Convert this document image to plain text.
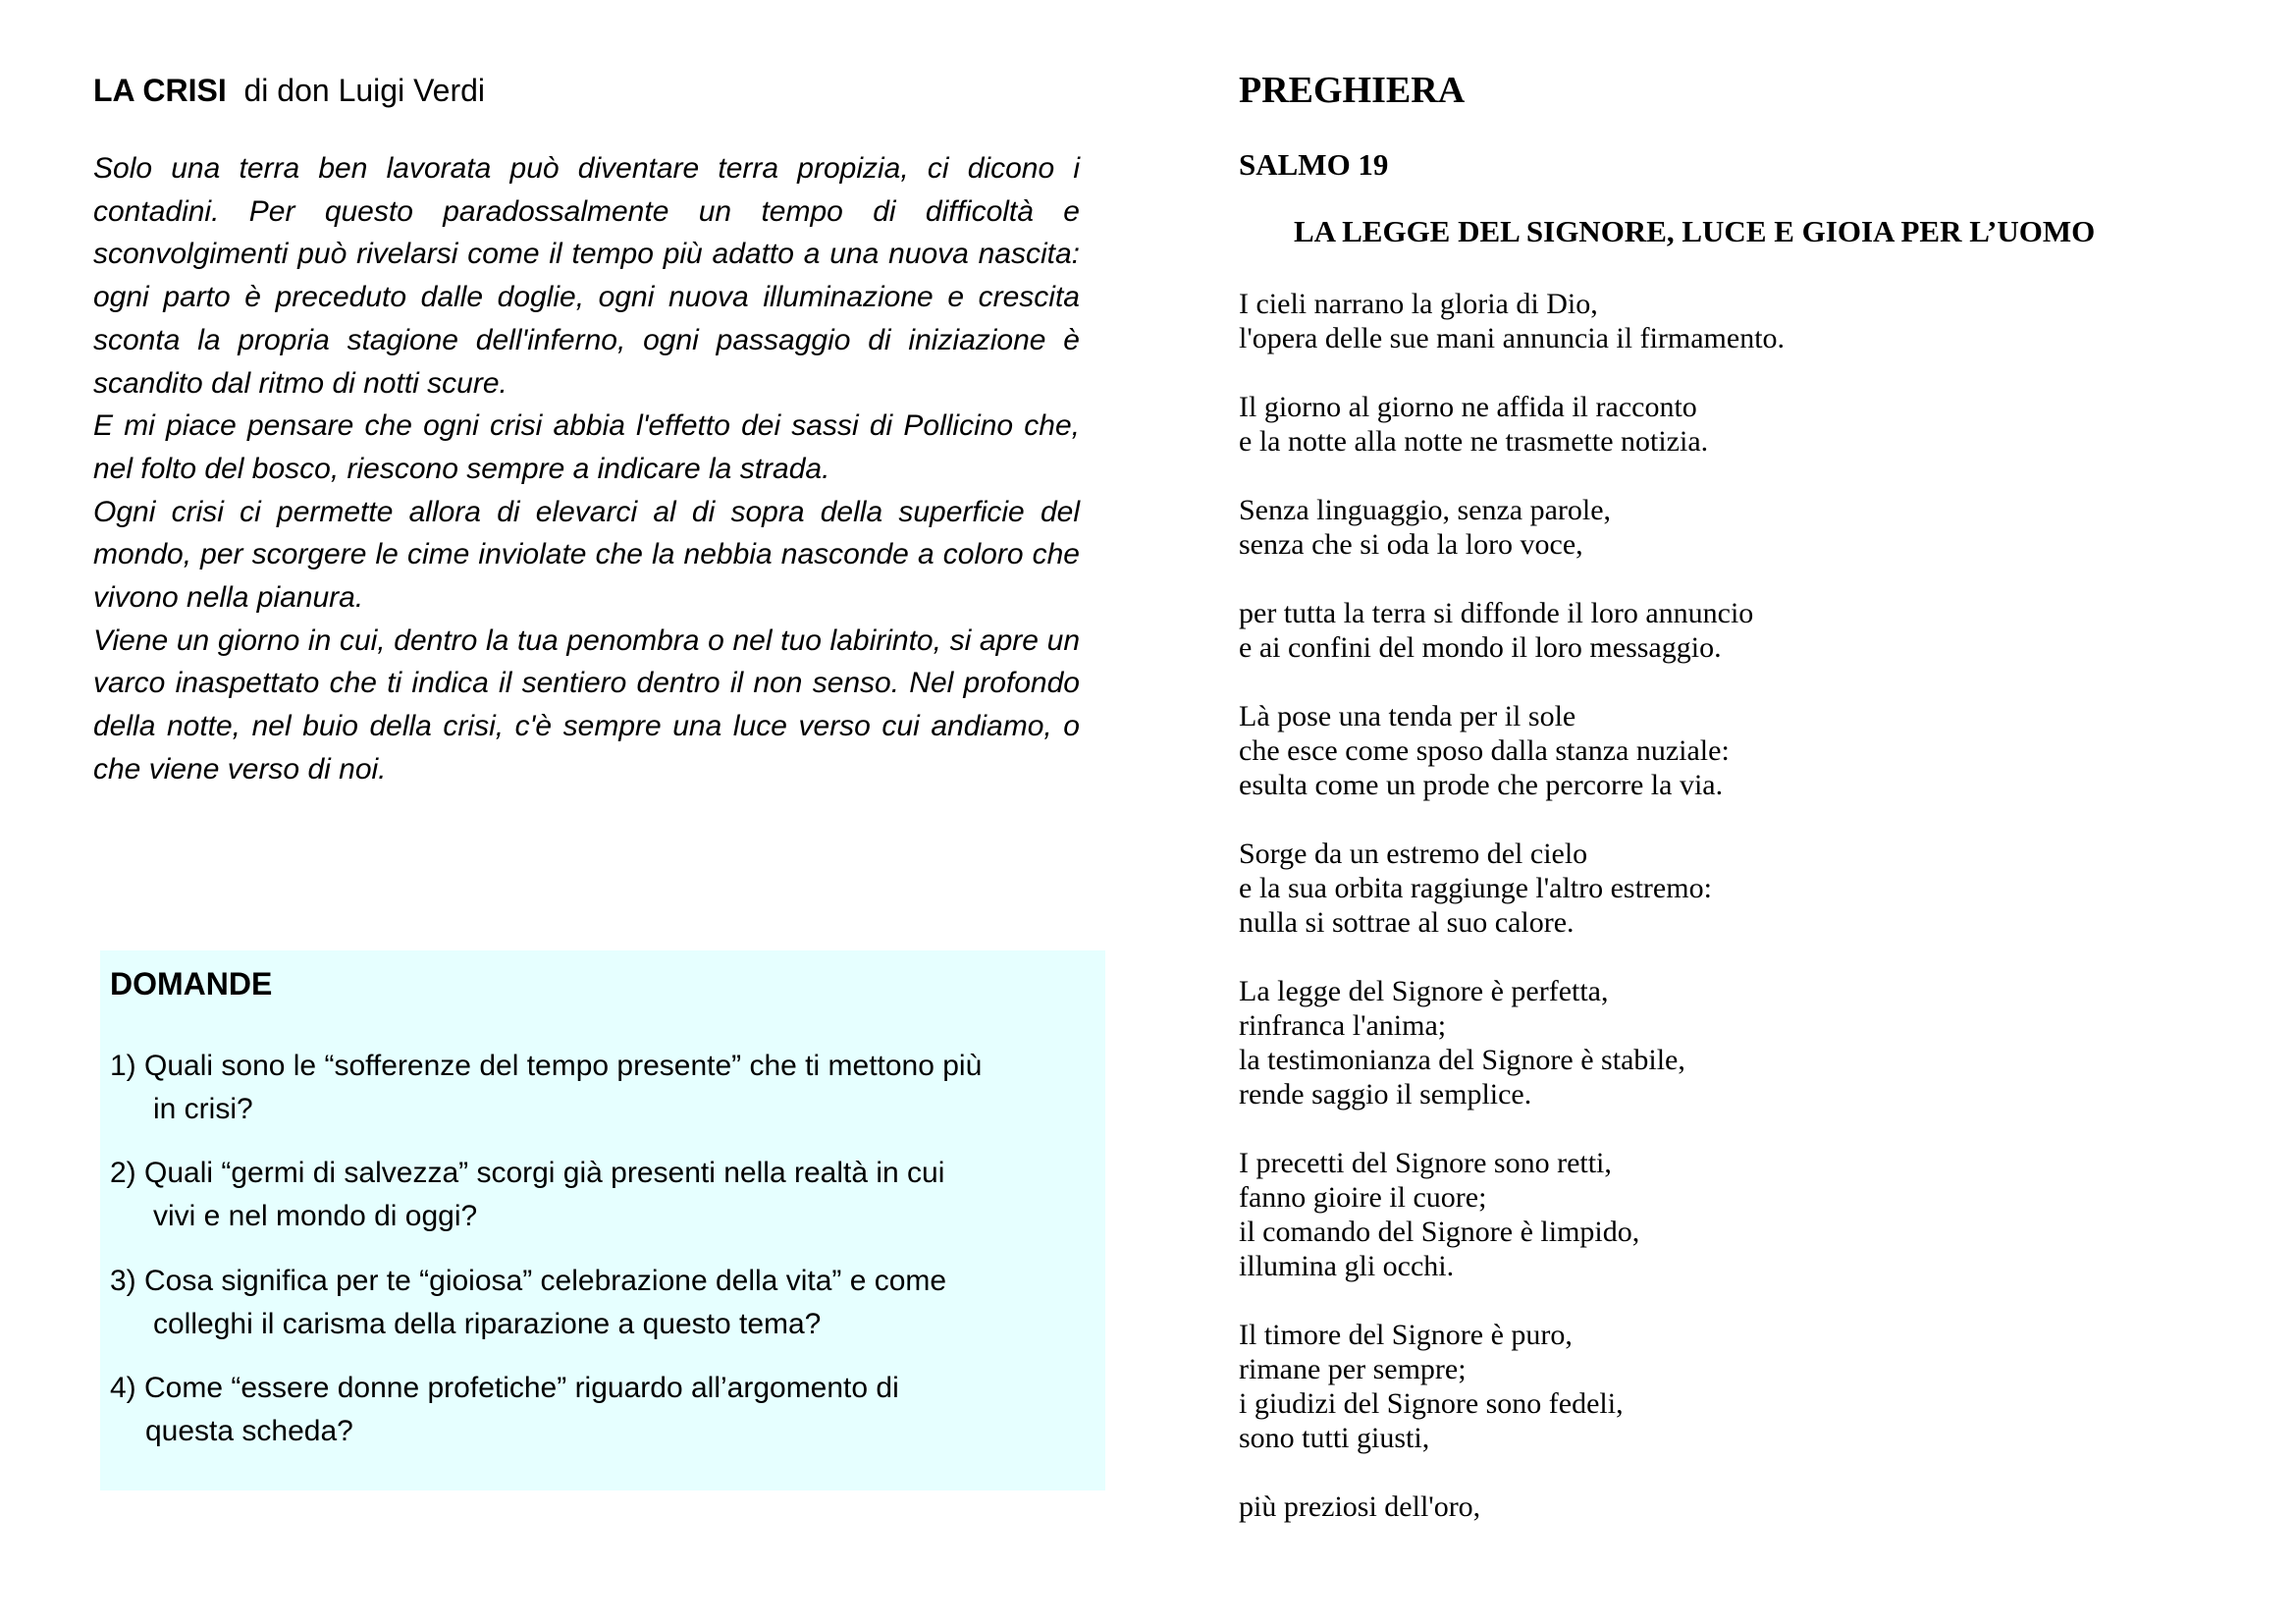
LA CRISI di don Luigi Verdi

Solo una terra ben lavorata può diventare terra propizia, ci dicono i contadini. Per questo paradossalmente un tempo di difficoltà e sconvolgimenti può rivelarsi come il tempo più adatto a una nuova nascita: ogni parto è preceduto dalle doglie, ogni nuova illuminazione e crescita sconta la propria stagione dell'inferno, ogni passaggio di iniziazione è scandito dal ritmo di notti scure.

E mi piace pensare che ogni crisi abbia l'effetto dei sassi di Pollicino che, nel folto del bosco, riescono sempre a indicare la strada.

Ogni crisi ci permette allora di elevarci al di sopra della superficie del mondo, per scorgere le cime inviolate che la nebbia nasconde a coloro che vivono nella pianura.

Viene un giorno in cui, dentro la tua penombra o nel tuo labirinto, si apre un varco inaspettato che ti indica il sentiero dentro il non senso. Nel profondo della notte, nel buio della crisi, c'è sempre una luce verso cui andiamo, o che viene verso di noi.

DOMANDE
1) Quali sono le “sofferenze del tempo presente” che ti mettono più
in crisi?
2) Quali “germi di salvezza” scorgi già presenti nella realtà in cui
vivi e nel mondo di oggi?
3) Cosa significa per te “gioiosa” celebrazione della vita” e come
colleghi il carisma della riparazione a questo tema?
4) Come “essere donne profetiche” riguardo all’argomento di
questa scheda?
PREGHIERA
SALMO 19
LA LEGGE DEL SIGNORE, LUCE E GIOIA PER L’UOMO
I cieli narrano la gloria di Dio,
l'opera delle sue mani annuncia il firmamento.
Il giorno al giorno ne affida il racconto
e la notte alla notte ne trasmette notizia.
Senza linguaggio, senza parole,
senza che si oda la loro voce,
per tutta la terra si diffonde il loro annuncio
e ai confini del mondo il loro messaggio.
Là pose una tenda per il sole
che esce come sposo dalla stanza nuziale:
esulta come un prode che percorre la via.
Sorge da un estremo del cielo
e la sua orbita raggiunge l'altro estremo:
nulla si sottrae al suo calore.
La legge del Signore è perfetta,
rinfranca l'anima;
la testimonianza del Signore è stabile,
rende saggio il semplice.
I precetti del Signore sono retti,
fanno gioire il cuore;
il comando del Signore è limpido,
illumina gli occhi.
Il timore del Signore è puro,
rimane per sempre;
i giudizi del Signore sono fedeli,
sono tutti giusti,
più preziosi dell'oro,
